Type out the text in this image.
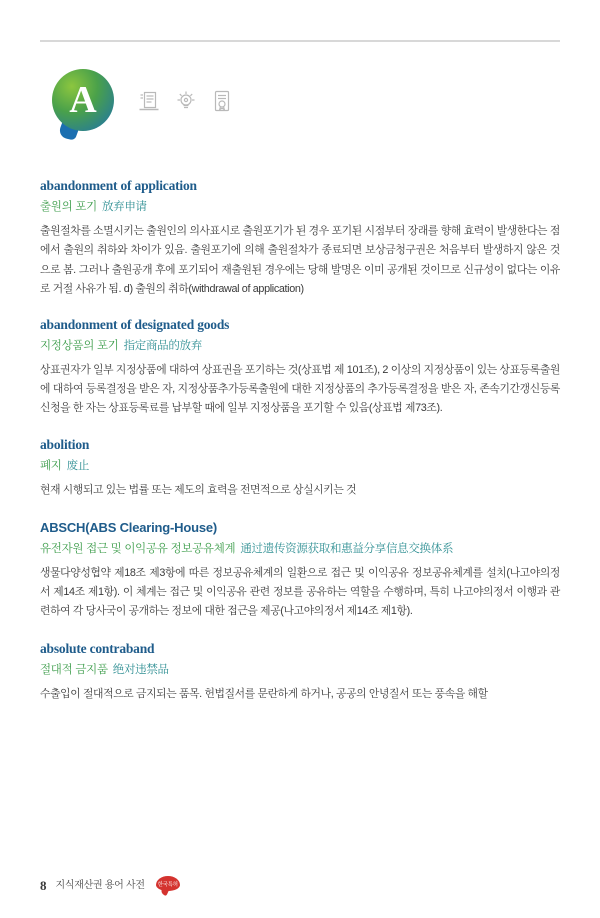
A

abandonment of application

출원의 포기 放弃申请

출원절차를 소멸시키는 출원인의 의사표시로 출원포기가 된 경우 포기된 시점부터 장래를 향해 효력이 발생한다는 점에서 출원의 취하와 차이가 있음. 출원포기에 의해 출원절차가 종료되면 보상금청구권은 처음부터 발생하지 않은 것으로 봄. 그러나 출원공개 후에 포기되어 재출원된 경우에는 당해 발명은 이미 공개된 것이므로 신규성이 없다는 이유로 거절 사유가 됨. d) 출원의 취하(withdrawal of application)

abandonment of designated goods

지정상품의 포기 指定商品的放弃

상표권자가 일부 지정상품에 대하여 상표권을 포기하는 것(상표법 제 101조), 2 이상의 지정상품이 있는 상표등록출원에 대하여 등록결정을 받은 자, 지정상품추가등록출원에 대한 지정상품의 추가등록결정을 받은 자, 존속기간갱신등록신청을 한 자는 상표등록료를 납부할 때에 일부 지정상품을 포기할 수 있음(상표법 제73조).

abolition

폐지 废止

현재 시행되고 있는 법률 또는 제도의 효력을 전면적으로 상실시키는 것

ABSCH(ABS Clearing-House)

유전자원 접근 및 이익공유 정보공유체계 通过遗传资源获取和惠益分享信息交换体系

생물다양성협약 제18조 제3항에 따른 정보공유체계의 일환으로 접근 및 이익공유 정보공유체계를 설치(나고야의정서 제14조 제1항). 이 체계는 접근 및 이익공유 관련 정보를 공유하는 역할을 수행하며, 특히 나고야의정서 이행과 관련하여 각 당사국이 공개하는 정보에 대한 접근을 제공(나고야의정서 제14조 제1항).

absolute contraband

절대적 금지품 绝对违禁品

수출입이 절대적으로 금지되는 품목. 헌법질서를 문란하게 하거나, 공공의 안녕질서 또는 풍속을 해할

8 지식재산권 용어 사전	한국특허
